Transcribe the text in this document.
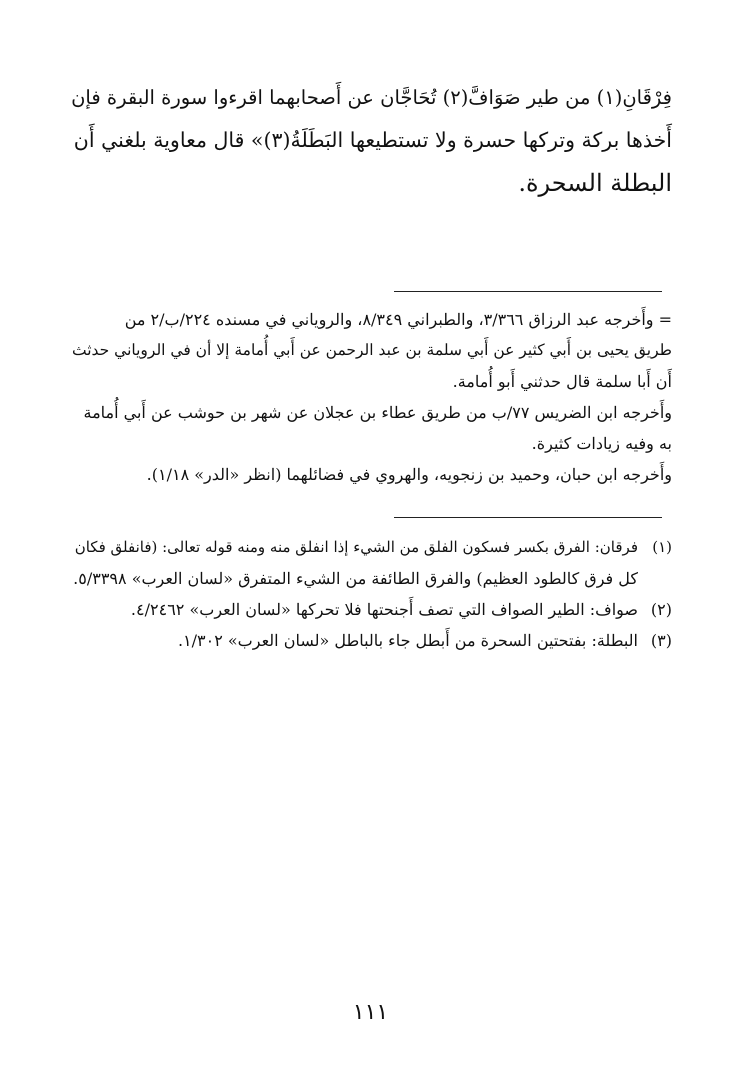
فِرْقَانِ(١) من طير صَوَافَّ(٢) تُحَاجَّان عن أَصحابهما اقرءوا سورة البقرة فإن
أَخذها بركة وتركها حسرة ولا تستطيعها البَطَلَةُ(٣)» قال معاوية بلغني أَن
البطلة السحرة.
= وأَخرجه عبد الرزاق ٣/٣٦٦، والطبراني ٨/٣٤٩، والروياني في مسنده ٢٢٤/ب/٢ من
طريق يحيى بن أَبي كثير عن أَبي سلمة بن عبد الرحمن عن أَبي أُمامة إلا أن في الروياني حدثث
أَن أَبا سلمة قال حدثني أَبو أُمامة.
وأَخرجه ابن الضريس ٧٧/ب من طريق عطاء بن عجلان عن شهر بن حوشب عن أَبي أُمامة
به وفيه زيادات كثيرة.
وأَخرجه ابن حبان، وحميد بن زنجويه، والهروي في فضائلهما (انظر «الدر» ١/١٨).
(١)فرقان: الفرق بكسر فسكون الفلق من الشيء إذا انفلق منه ومنه قوله تعالى: (فانفلق فكان
كل فرق كالطود العظيم) والفرق الطائفة من الشيء المتفرق «لسان العرب» ٥/٣٣٩٨.
(٢)صواف: الطير الصواف التي تصف أَجنحتها فلا تحركها «لسان العرب» ٤/٢٤٦٢.
(٣)البطلة: بفتحتين السحرة من أَبطل جاء بالباطل «لسان العرب» ١/٣٠٢.
١١١
